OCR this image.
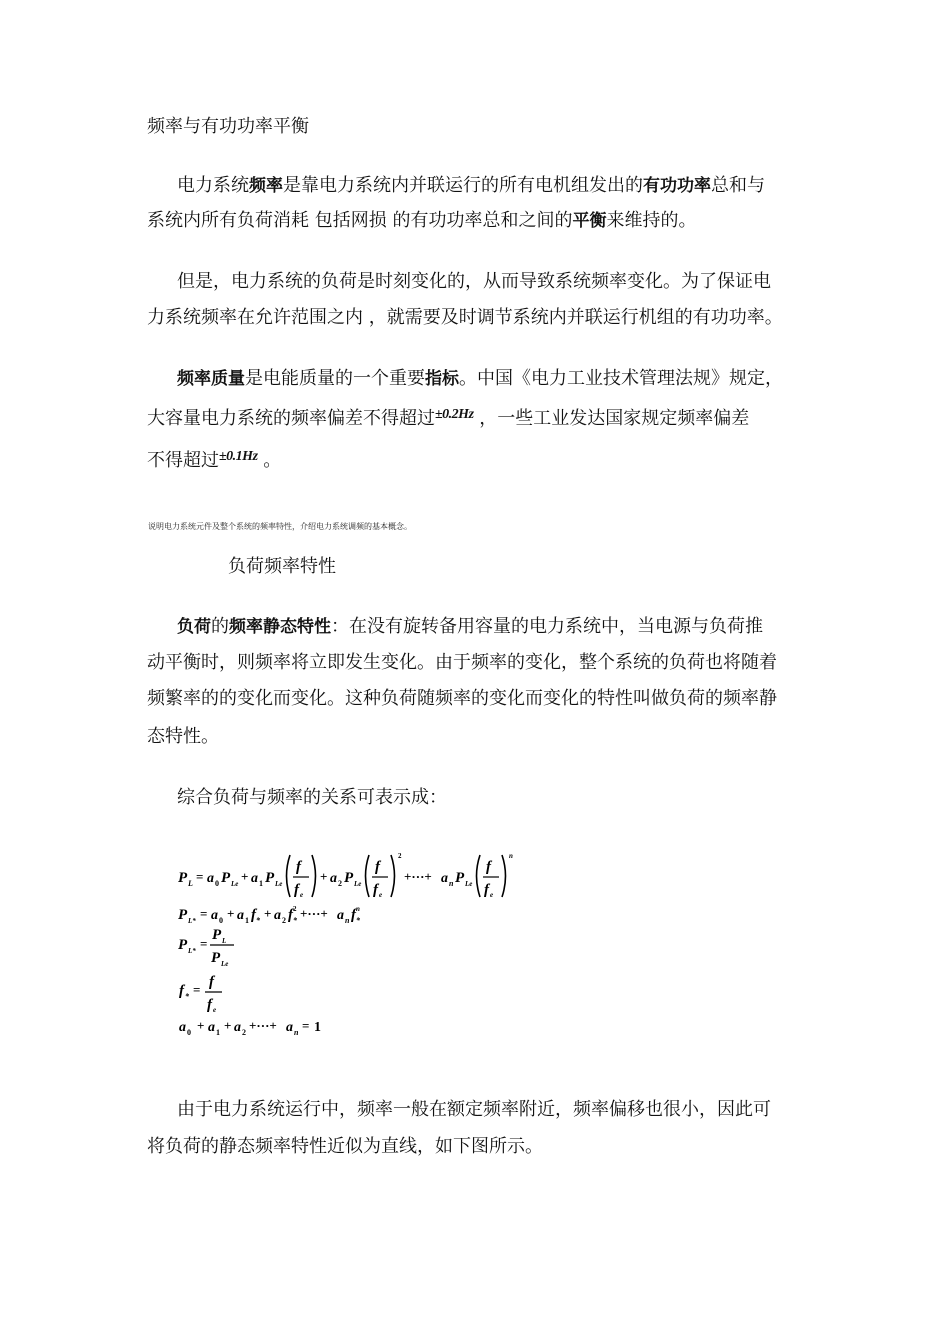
频率与有功功率平衡
电力系统频率是靠电力系统内并联运行的所有电机组发出的有功功率总和与
系统内所有负荷消耗 包括网损 的有功功率总和之间的平衡来维持的。
但是，电力系统的负荷是时刻变化的，从而导致系统频率变化。为了保证电
力系统频率在允许范围之内 ，就需要及时调节系统内并联运行机组的有功功率。
频率质量是电能质量的一个重要指标。中国《电力工业技术管理法规》规定，
大容量电力系统的频率偏差不得超过$^{\pm 0.2Hz}$ ，一些工业发达国家规定频率偏差
不得超过$^{\pm 0.1Hz}$ 。
说明电力系统元件及整个系统的频率特性，介绍电力系统调频的基本概念。
负荷频率特性
负荷的频率静态特性：在没有旋转备用容量的电力系统中，当电源与负荷推
动平衡时，则频率将立即发生变化。由于频率的变化，整个系统的负荷也将随着
频繁率的的变化而变化。这种负荷随频率的变化而变化的特性叫做负荷的频率静
态特性。
综合负荷与频率的关系可表示成：
P L = a 0 P Le + a 1 P Le
f
f e
+ a 2 P Le
f
f e
2
+···+ a n P Le
f
f e
n
P L* = a 0 + a 1 f * + a 2 f *
2 +···+ a n f *
n
P L* =
P L
P Le
f * = f
f e
a 0 + a 1 + a 2 +···+ a n = 1
由于电力系统运行中，频率一般在额定频率附近，频率偏移也很小，因此可
将负荷的静态频率特性近似为直线，如下图所示。
